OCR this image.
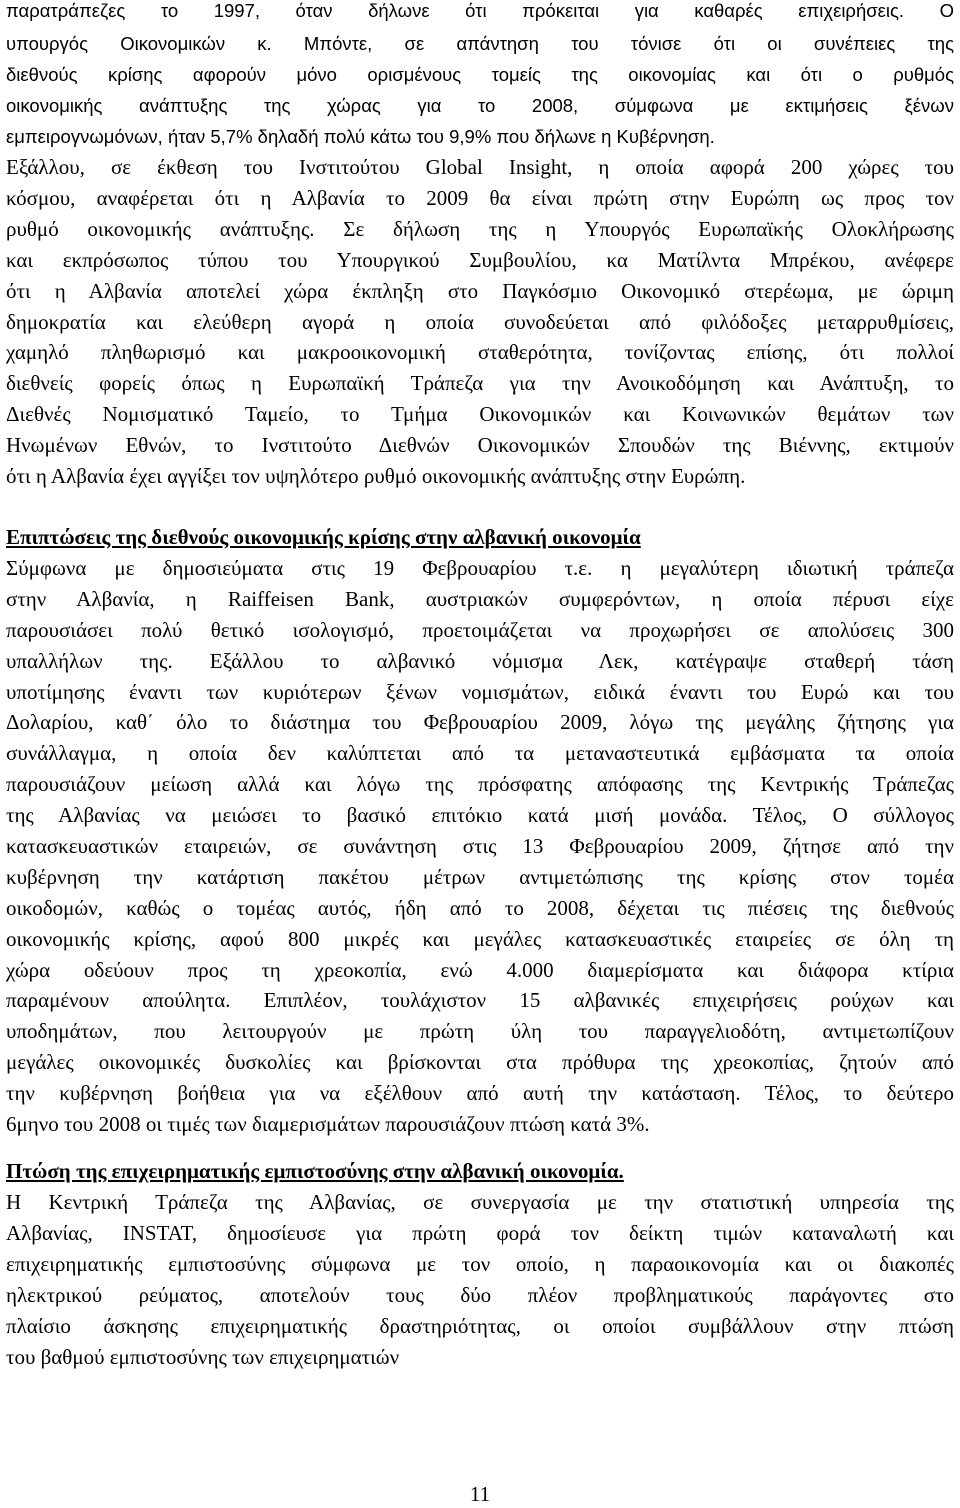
παρατράπεζες το 1997, όταν δήλωνε ότι πρόκειται για καθαρές επιχειρήσεις. Ο
υπουργός Οικονομικών κ. Μπόντε, σε απάντηση του τόνισε ότι οι συνέπειες της
διεθνούς κρίσης αφορούν μόνο ορισμένους τομείς της οικονομίας και ότι ο ρυθμός
οικονομικής ανάπτυξης της χώρας για το 2008, σύμφωνα με εκτιμήσεις ξένων
εμπειρογνωμόνων, ήταν 5,7% δηλαδή πολύ κάτω του 9,9% που δήλωνε η Κυβέρνηση.
Εξάλλου, σε έκθεση του Ινστιτούτου Global Insight, η οποία αφορά 200 χώρες του
κόσμου, αναφέρεται ότι η Αλβανία το 2009 θα είναι πρώτη στην Ευρώπη ως προς τον
ρυθμό οικονομικής ανάπτυξης. Σε δήλωση της η Υπουργός Ευρωπαϊκής Ολοκλήρωσης
και εκπρόσωπος τύπου του Υπουργικού Συμβουλίου, κα Ματίλντα Μπρέκου, ανέφερε
ότι η Αλβανία αποτελεί χώρα έκπληξη στο Παγκόσμιο Οικονομικό στερέωμα, με ώριμη
δημοκρατία και ελεύθερη αγορά η οποία συνοδεύεται από φιλόδοξες μεταρρυθμίσεις,
χαμηλό πληθωρισμό και μακροοικονομική σταθερότητα, τονίζοντας επίσης, ότι πολλοί
διεθνείς φορείς όπως η Ευρωπαϊκή Τράπεζα για την Ανοικοδόμηση και Ανάπτυξη, το
Διεθνές Νομισματικό Ταμείο, το Τμήμα Οικονομικών και Κοινωνικών θεμάτων των
Ηνωμένων Εθνών, το Ινστιτούτο Διεθνών Οικονομικών Σπουδών της Βιέννης, εκτιμούν
ότι η Αλβανία έχει αγγίξει τον υψηλότερο ρυθμό οικονομικής ανάπτυξης στην Ευρώπη.
Επιπτώσεις της διεθνούς οικονομικής κρίσης στην αλβανική οικονομία
Σύμφωνα με δημοσιεύματα στις 19 Φεβρουαρίου τ.ε. η μεγαλύτερη ιδιωτική τράπεζα
στην Αλβανία, η Raiffeisen Bank, αυστριακών συμφερόντων, η οποία πέρυσι είχε
παρουσιάσει πολύ θετικό ισολογισμό, προετοιμάζεται να προχωρήσει σε απολύσεις 300
υπαλλήλων της. Εξάλλου το αλβανικό νόμισμα Λεκ, κατέγραψε σταθερή τάση
υποτίμησης έναντι των κυριότερων ξένων νομισμάτων, ειδικά έναντι του Ευρώ και του
Δολαρίου, καθ΄ όλο το διάστημα του Φεβρουαρίου 2009, λόγω της μεγάλης ζήτησης για
συνάλλαγμα, η οποία δεν καλύπτεται από τα μεταναστευτικά εμβάσματα τα οποία
παρουσιάζουν μείωση αλλά και λόγω της πρόσφατης απόφασης της Κεντρικής Τράπεζας
της Αλβανίας να μειώσει το βασικό επιτόκιο κατά μισή μονάδα. Τέλος, Ο σύλλογος
κατασκευαστικών εταιρειών, σε συνάντηση στις 13 Φεβρουαρίου 2009, ζήτησε από την
κυβέρνηση την κατάρτιση πακέτου μέτρων αντιμετώπισης της κρίσης στον τομέα
οικοδομών, καθώς ο τομέας αυτός, ήδη από το 2008, δέχεται τις πιέσεις της διεθνούς
οικονομικής κρίσης, αφού 800 μικρές και μεγάλες κατασκευαστικές εταιρείες σε όλη τη
χώρα οδεύουν προς τη χρεοκοπία, ενώ 4.000 διαμερίσματα και διάφορα κτίρια
παραμένουν απούλητα. Επιπλέον, τουλάχιστον 15 αλβανικές επιχειρήσεις ρούχων και
υποδημάτων, που λειτουργούν με πρώτη ύλη του παραγγελιοδότη, αντιμετωπίζουν
μεγάλες οικονομικές δυσκολίες και βρίσκονται στα πρόθυρα της χρεοκοπίας, ζητούν από
την κυβέρνηση βοήθεια για να εξέλθουν από αυτή την κατάσταση. Τέλος, το δεύτερο
6μηνο του 2008 οι τιμές των διαμερισμάτων παρουσιάζουν πτώση κατά 3%.
Πτώση της επιχειρηματικής εμπιστοσύνης στην αλβανική οικονομία.
Η Κεντρική Τράπεζα της Αλβανίας, σε συνεργασία με την στατιστική υπηρεσία της
Αλβανίας, INSTAT, δημοσίευσε για πρώτη φορά τον δείκτη τιμών καταναλωτή και
επιχειρηματικής εμπιστοσύνης σύμφωνα με τον οποίο, η παραοικονομία και οι διακοπές
ηλεκτρικού ρεύματος, αποτελούν τους δύο πλέον προβληματικούς παράγοντες στο
πλαίσιο άσκησης επιχειρηματικής δραστηριότητας, οι οποίοι συμβάλλουν στην πτώση
του βαθμού εμπιστοσύνης των επιχειρηματιών
11
